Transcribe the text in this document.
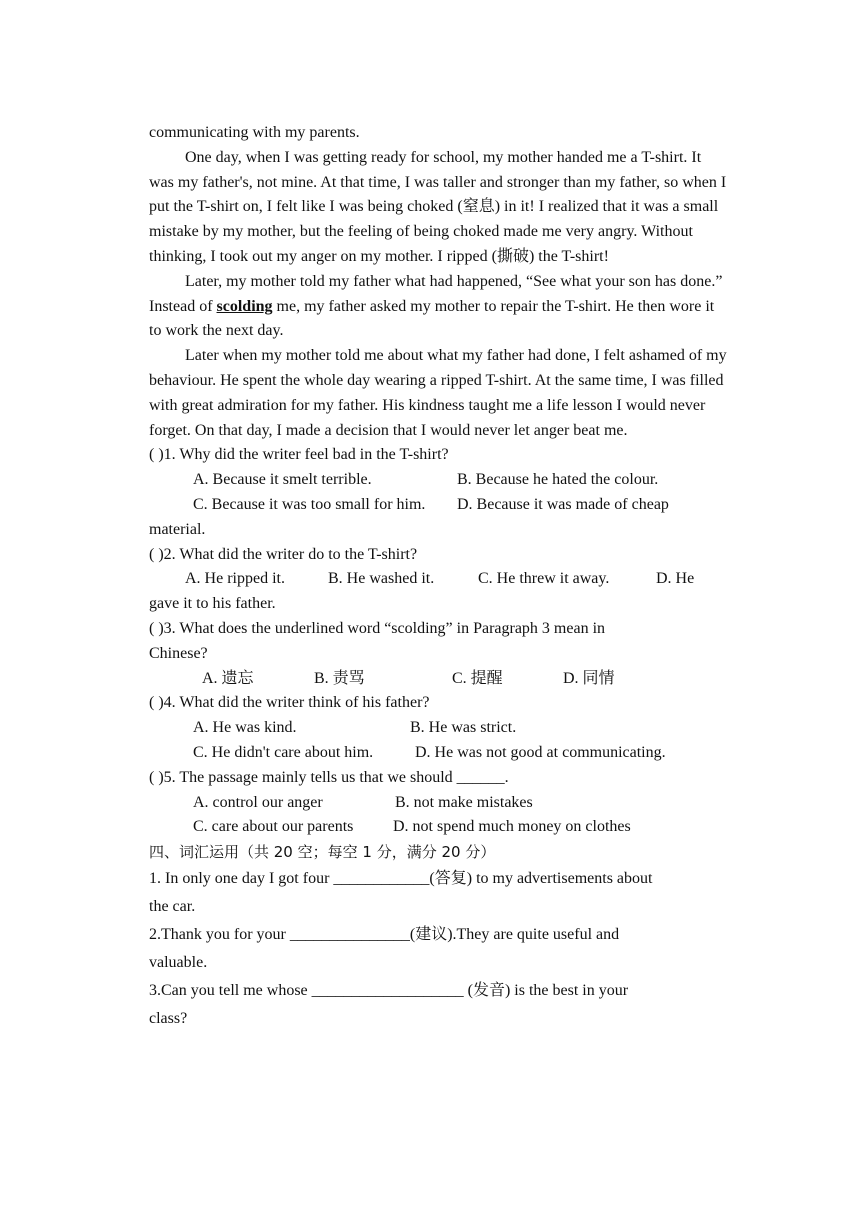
communicating with my parents.

One day, when I was getting ready for school, my mother handed me a T-shirt. It was my father's, not mine. At that time, I was taller and stronger than my father, so when I put the T-shirt on, I felt like I was being choked (窒息) in it! I realized that it was a small mistake by my mother, but the feeling of being choked made me very angry. Without thinking, I took out my anger on my mother. I ripped (撕破) the T-shirt!

Later, my mother told my father what had happened, “See what your son has done.” Instead of scolding me, my father asked my mother to repair the T-shirt. He then wore it to work the next day.

Later when my mother told me about what my father had done, I felt ashamed of my behaviour. He spent the whole day wearing a ripped T-shirt. At the same time, I was filled with great admiration for my father. His kindness taught me a life lesson I would never forget. On that day, I made a decision that I would never let anger beat me.

( )1. Why did the writer feel bad in the T-shirt?

A. Because it smelt terrible.	B. Because he hated the colour.
C. Because it was too small for him.	D. Because it was made of cheap

material.

( )2. What did the writer do to the T-shirt?

A. He ripped it.	B. He washed it.	C. He threw it away.	D. He

gave it to his father.

( )3. What does the underlined word “scolding” in Paragraph 3 mean in

Chinese?

A. 遗忘	B. 责骂	C. 提醒	D. 同情

( )4. What did the writer think of his father?

A. He was kind.	B. He was strict.
C. He didn't care about him.	D. He was not good at communicating.

( )5. The passage mainly tells us that we should ______.

A. control our anger	B. not make mistakes
C. care about our parents	D. not spend much money on clothes

四、词汇运用（共 20 空；每空 1 分，满分 20 分）

1. In only one day I got four ____________(答复) to my advertisements about

the car.

2.Thank you for your _______________(建议).They are quite useful and

valuable.

3.Can you tell me whose ___________________ (发音) is the best in your

class?
